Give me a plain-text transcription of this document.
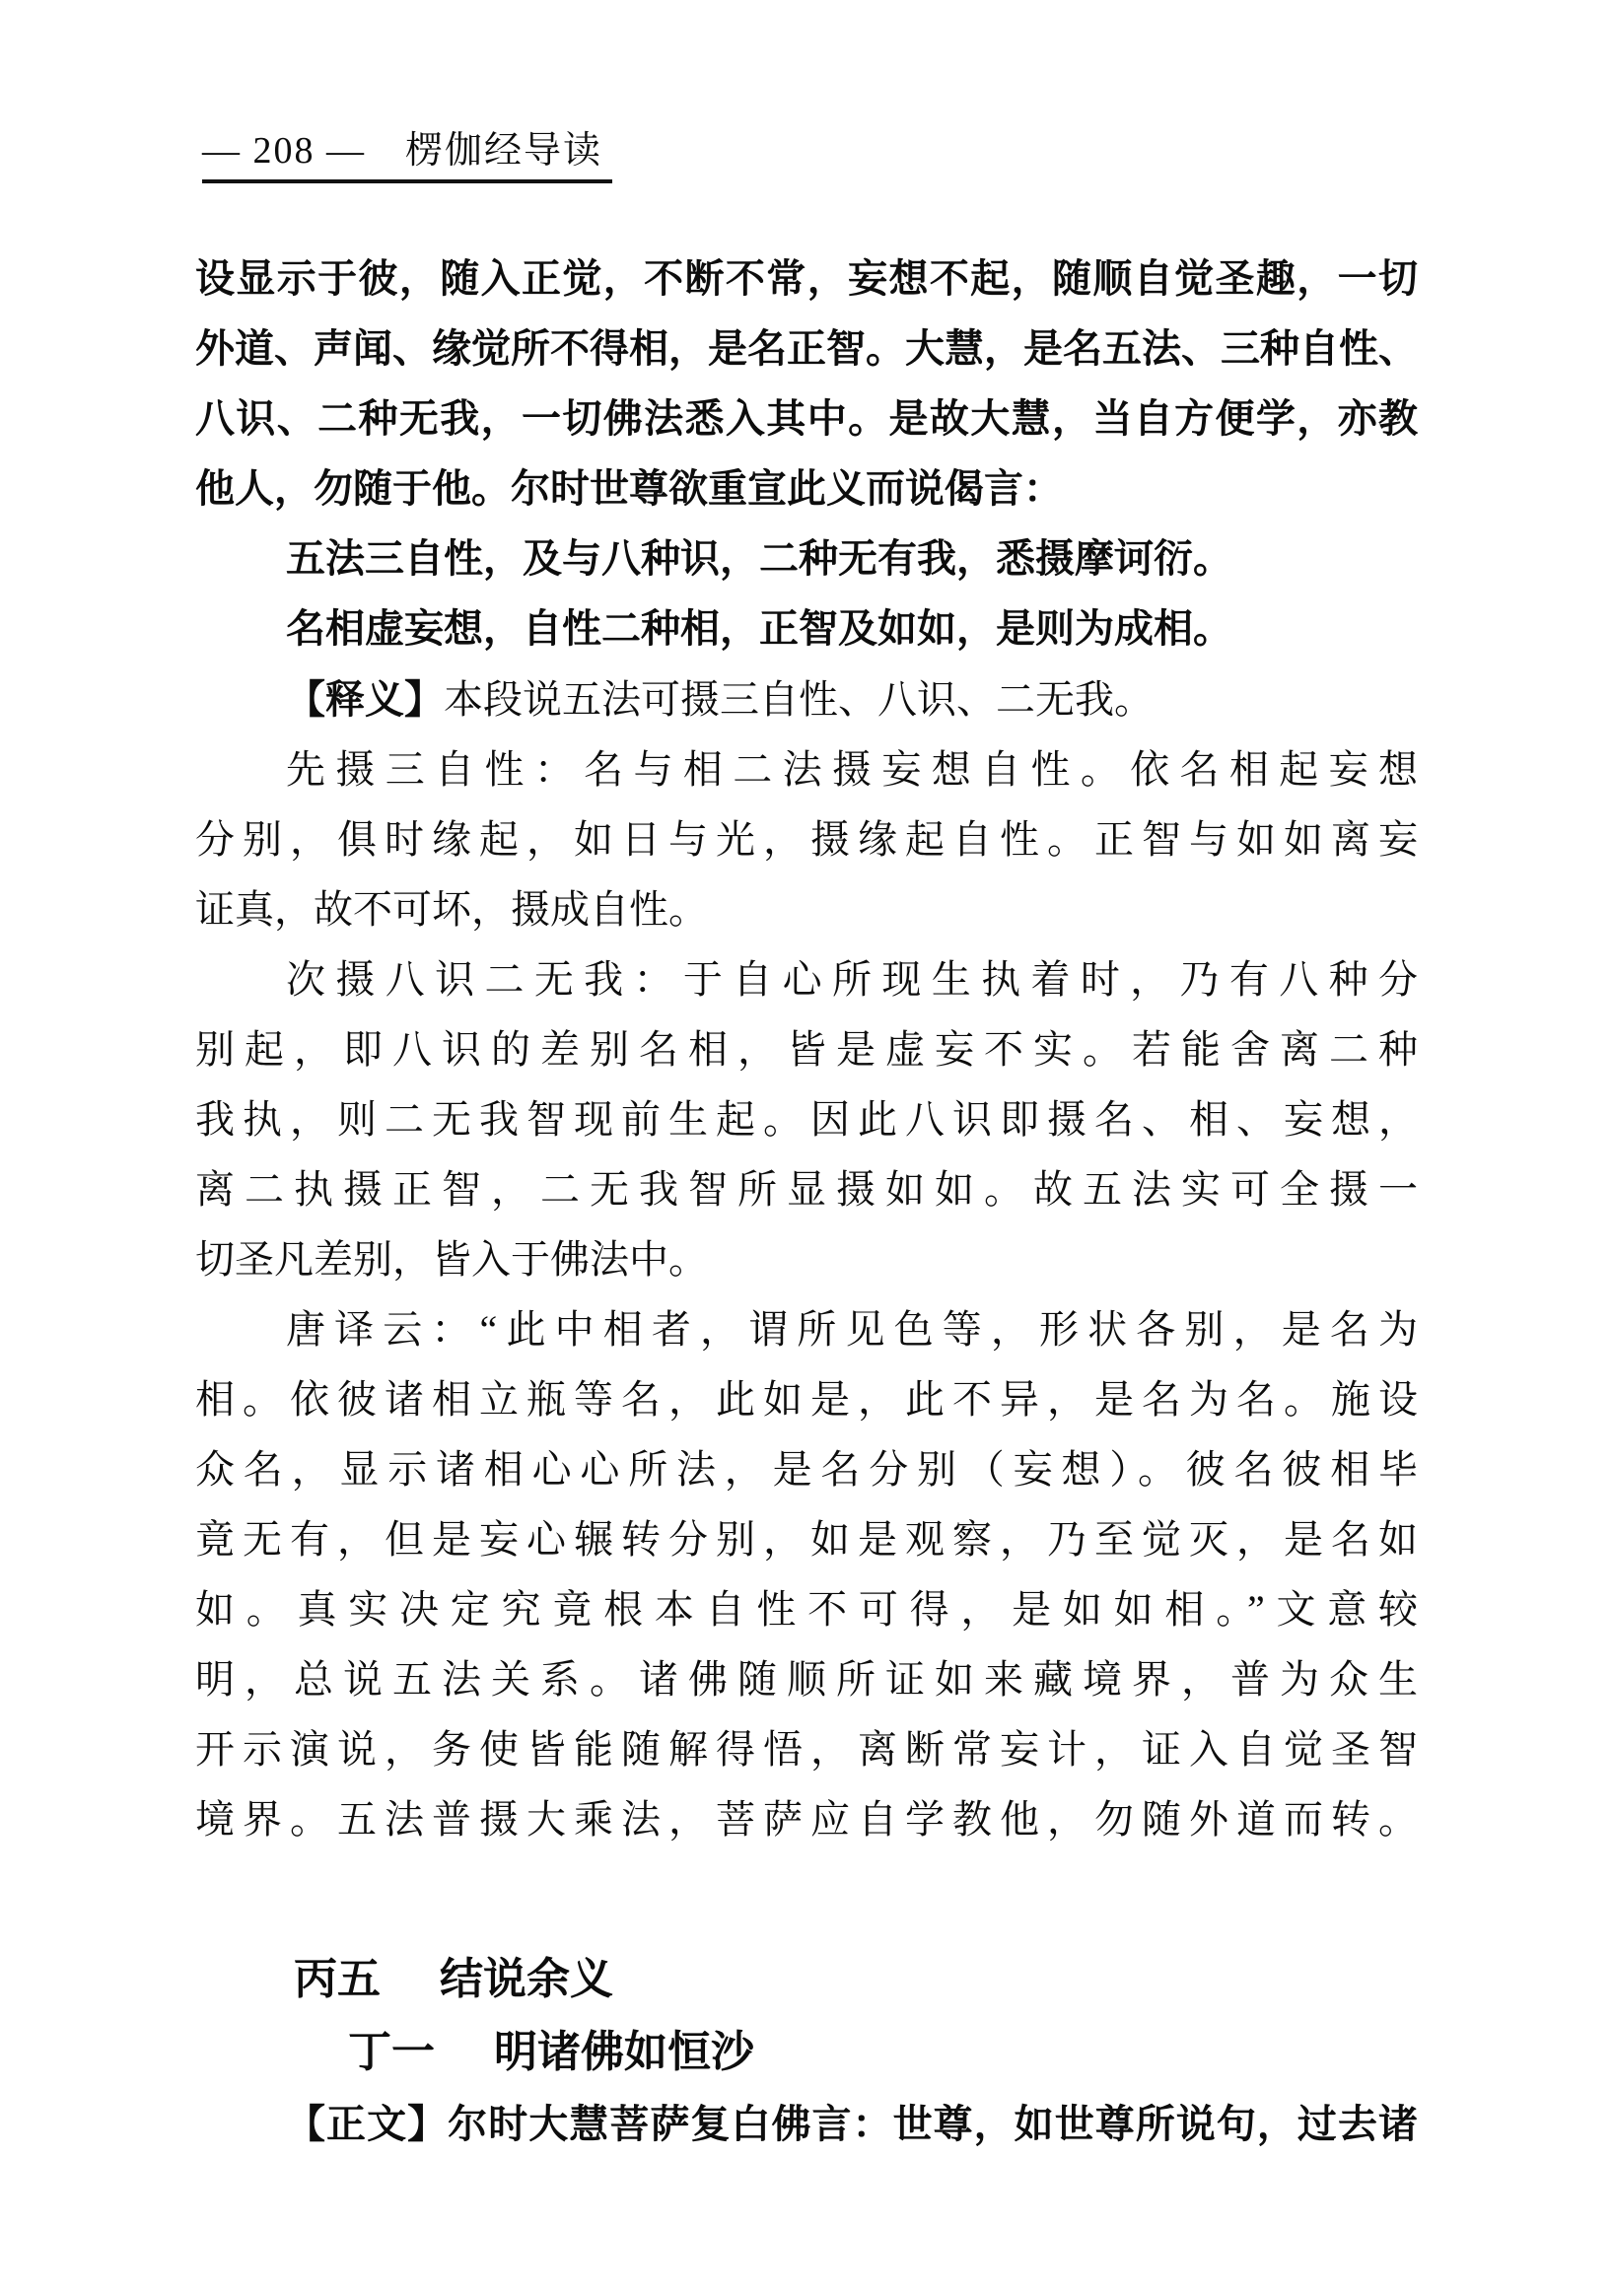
— 208 —　楞伽经导读
设显示于彼，随入正觉，不断不常，妄想不起，随顺自觉圣趣，一切
外道、声闻、缘觉所不得相，是名正智。大慧，是名五法、三种自性、
八识、二种无我，一切佛法悉入其中。是故大慧，当自方便学，亦教
他人，勿随于他。尔时世尊欲重宣此义而说偈言：
五法三自性，及与八种识，二种无有我，悉摄摩诃衍。
名相虚妄想，自性二种相，正智及如如，是则为成相。
【释义】本段说五法可摄三自性、八识、二无我。
先摄三自性：名与相二法摄妄想自性。依名相起妄想
分别，俱时缘起，如日与光，摄缘起自性。正智与如如离妄
证真，故不可坏，摄成自性。
次摄八识二无我：于自心所现生执着时，乃有八种分
别起，即八识的差别名相，皆是虚妄不实。若能舍离二种
我执，则二无我智现前生起。因此八识即摄名、相、妄想，
离二执摄正智，二无我智所显摄如如。故五法实可全摄一
切圣凡差别，皆入于佛法中。
唐译云：“此中相者，谓所见色等，形状各别，是名为
相。依彼诸相立瓶等名，此如是，此不异，是名为名。施设
众名，显示诸相心心所法，是名分别（妄想）。彼名彼相毕
竟无有，但是妄心辗转分别，如是观察，乃至觉灭，是名如
如。真实决定究竟根本自性不可得，是如如相。”文意较
明，总说五法关系。诸佛随顺所证如来藏境界，普为众生
开示演说，务使皆能随解得悟，离断常妄计，证入自觉圣智
境界。五法普摄大乘法，菩萨应自学教他，勿随外道而转。
丙五 结说余义
丁一 明诸佛如恒沙
【正文】尔时大慧菩萨复白佛言：世尊，如世尊所说句，过去诸
